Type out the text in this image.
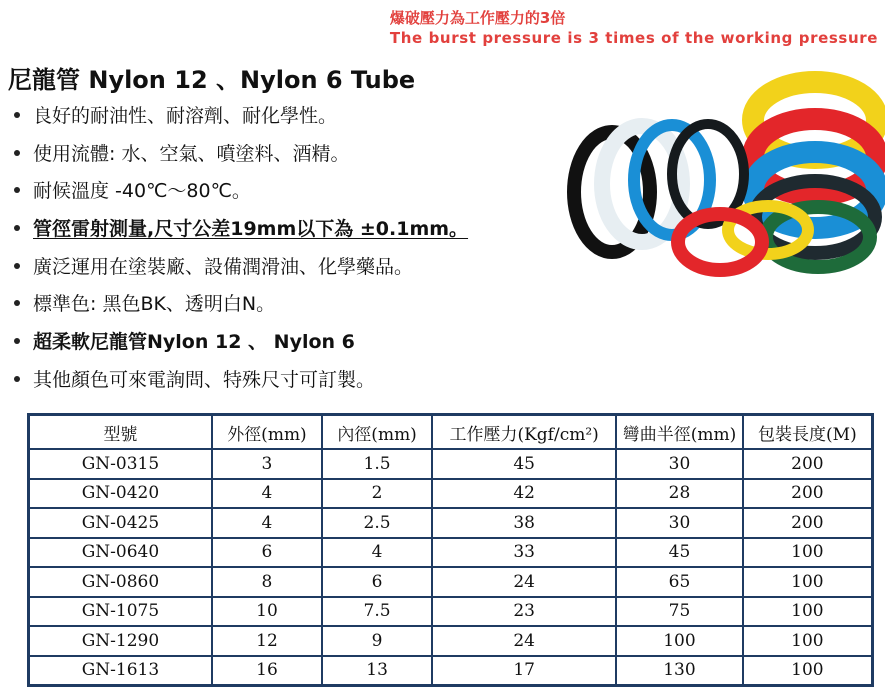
爆破壓力為工作壓力的3倍
The burst pressure is 3 times of the working pressure
尼龍管 Nylon 12 、Nylon 6 Tube
良好的耐油性、耐溶劑、耐化學性。
使用流體: 水、空氣、噴塗料、酒精。
耐候溫度 -40℃～80℃。
管徑雷射測量,尺寸公差19mm以下為 ±0.1mm。
廣泛運用在塗裝廠、設備潤滑油、化學藥品。
標準色: 黑色BK、透明白N。
超柔軟尼龍管Nylon 12 、 Nylon 6
其他顏色可來電詢問、特殊尺寸可訂製。
型號	外徑(mm)	內徑(mm)	工作壓力(Kgf/cm²)	彎曲半徑(mm)	包裝長度(M)
GN-0315	3	1.5	45	30	200
GN-0420	4	2	42	28	200
GN-0425	4	2.5	38	30	200
GN-0640	6	4	33	45	100
GN-0860	8	6	24	65	100
GN-1075	10	7.5	23	75	100
GN-1290	12	9	24	100	100
GN-1613	16	13	17	130	100
